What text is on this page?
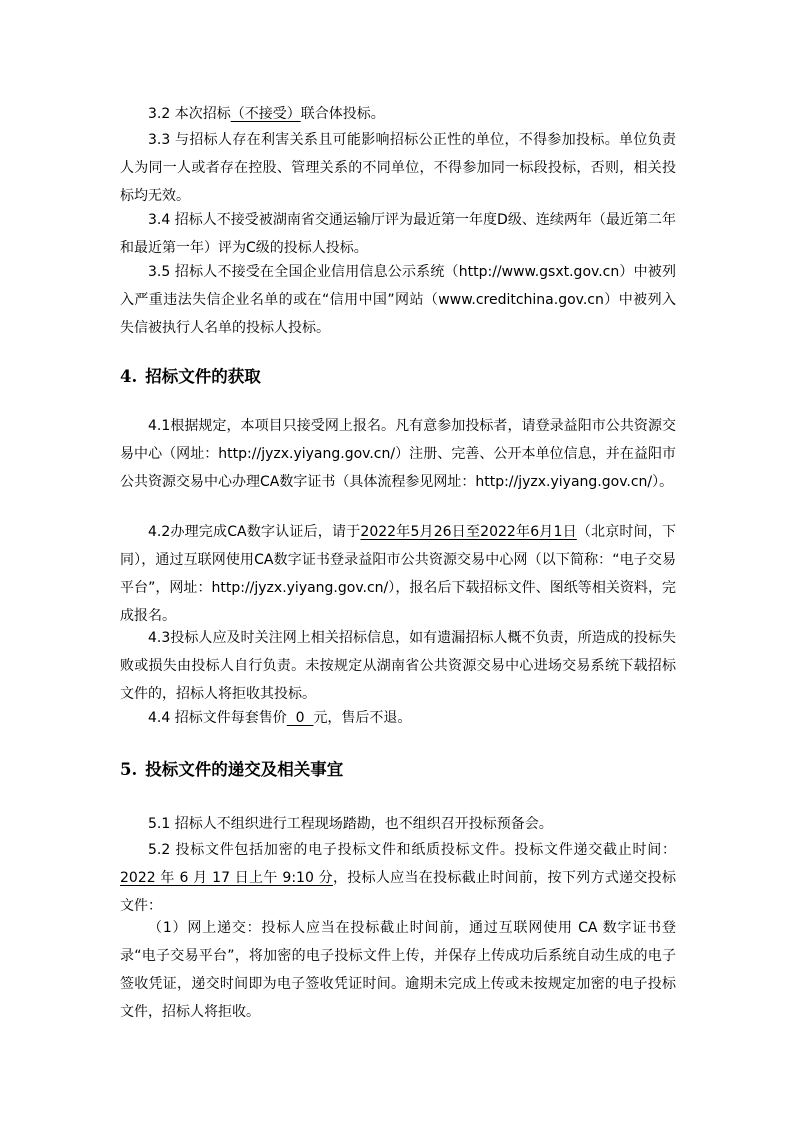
3.2 本次招标（不接受）联合体投标。

3.3 与招标人存在利害关系且可能影响招标公正性的单位，不得参加投标。单位负责人为同一人或者存在控股、管理关系的不同单位，不得参加同一标段投标，否则，相关投标均无效。

3.4 招标人不接受被湖南省交通运输厅评为最近第一年度D级、连续两年（最近第二年和最近第一年）评为C级的投标人投标。

3.5 招标人不接受在全国企业信用信息公示系统（http://www.gsxt.gov.cn）中被列入严重违法失信企业名单的或在“信用中国”网站（www.creditchina.gov.cn）中被列入失信被执行人名单的投标人投标。

4. 招标文件的获取

4.1根据规定，本项目只接受网上报名。凡有意参加投标者，请登录益阳市公共资源交易中心（网址：http://jyzx.yiyang.gov.cn/）注册、完善、公开本单位信息，并在益阳市公共资源交易中心办理CA数字证书（具体流程参见网址：http://jyzx.yiyang.gov.cn/）。

4.2办理完成CA数字认证后，请于2022年5月26日至2022年6月1日（北京时间，下同），通过互联网使用CA数字证书登录益阳市公共资源交易中心网（以下简称：“电子交易平台”，网址：http://jyzx.yiyang.gov.cn/），报名后下载招标文件、图纸等相关资料，完成报名。

4.3投标人应及时关注网上相关招标信息，如有遗漏招标人概不负责，所造成的投标失败或损失由投标人自行负责。未按规定从湖南省公共资源交易中心进场交易系统下载招标文件的，招标人将拒收其投标。

4.4 招标文件每套售价  0  元，售后不退。

5. 投标文件的递交及相关事宜

5.1 招标人不组织进行工程现场踏勘，也不组织召开投标预备会。

5.2 投标文件包括加密的电子投标文件和纸质投标文件。投标文件递交截止时间：2022 年 6 月 17 日上午 9:10 分，投标人应当在投标截止时间前，按下列方式递交投标文件：

（1）网上递交：投标人应当在投标截止时间前，通过互联网使用 CA 数字证书登录“电子交易平台”，将加密的电子投标文件上传，并保存上传成功后系统自动生成的电子签收凭证，递交时间即为电子签收凭证时间。逾期未完成上传或未按规定加密的电子投标文件，招标人将拒收。
